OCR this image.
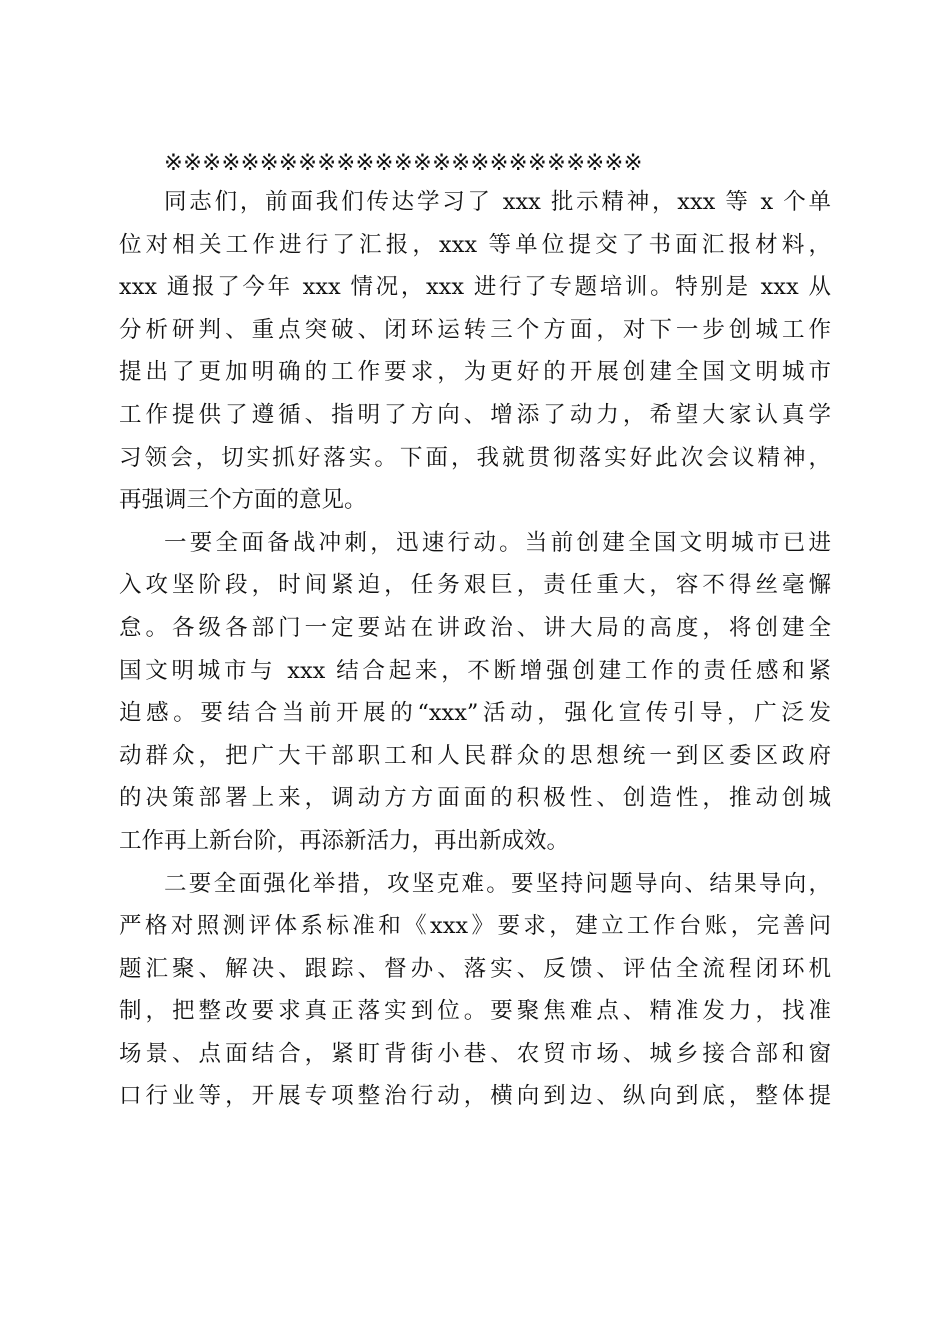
※※※※※※※※※※※※※※※※※※※※※※※※※
同志们，前面我们传达学习了 xxx 批示精神，xxx 等 x 个单
位对相关工作进行了汇报，xxx 等单位提交了书面汇报材料，
xxx 通报了今年 xxx 情况，xxx 进行了专题培训。特别是 xxx 从
分析研判、重点突破、闭环运转三个方面，对下一步创城工作
提出了更加明确的工作要求，为更好的开展创建全国文明城市
工作提供了遵循、指明了方向、增添了动力，希望大家认真学
习领会，切实抓好落实。下面，我就贯彻落实好此次会议精神，
再强调三个方面的意见。
一要全面备战冲刺，迅速行动。当前创建全国文明城市已进
入攻坚阶段，时间紧迫，任务艰巨，责任重大，容不得丝毫懈
怠。各级各部门一定要站在讲政治、讲大局的高度，将创建全
国文明城市与 xxx 结合起来，不断增强创建工作的责任感和紧
迫感。要结合当前开展的“xxx”活动，强化宣传引导，广泛发
动群众，把广大干部职工和人民群众的思想统一到区委区政府
的决策部署上来，调动方方面面的积极性、创造性，推动创城
工作再上新台阶，再添新活力，再出新成效。
二要全面强化举措，攻坚克难。要坚持问题导向、结果导向，
严格对照测评体系标准和《xxx》要求，建立工作台账，完善问
题汇聚、解决、跟踪、督办、落实、反馈、评估全流程闭环机
制，把整改要求真正落实到位。要聚焦难点、精准发力，找准
场景、点面结合，紧盯背街小巷、农贸市场、城乡接合部和窗
口行业等，开展专项整治行动，横向到边、纵向到底，整体提
